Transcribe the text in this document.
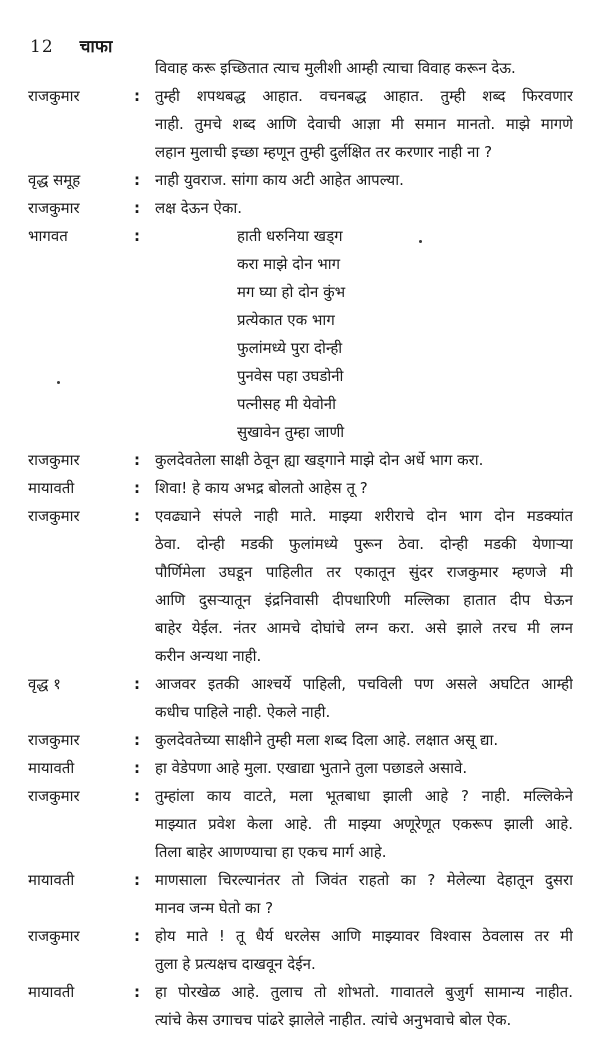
12 चाफा
विवाह करू इच्छितात त्याच मुलीशी आम्ही त्याचा विवाह करून देऊ.
राजकुमार	:	तुम्ही शपथबद्ध आहात. वचनबद्ध आहात. तुम्ही शब्द फिरवणार
नाही. तुमचे शब्द आणि देवाची आज्ञा मी समान मानतो. माझे मागणे
लहान मुलाची इच्छा म्हणून तुम्ही दुर्लक्षित तर करणार नाही ना ?
वृद्ध समूह	:	नाही युवराज. सांगा काय अटी आहेत आपल्या.
राजकुमार	:	लक्ष देऊन ऐका.
भागवत	:	हाती धरुनिया खड्ग
करा माझे दोन भाग
मग घ्या हो दोन कुंभ
प्रत्येकात एक भाग
फुलांमध्ये पुरा दोन्ही
पुनवेस पहा उघडोनी
पत्नीसह मी येवोनी
सुखावेन तुम्हा जाणी
राजकुमार	:	कुलदेवतेला साक्षी ठेवून ह्या खड्गाने माझे दोन अर्धे भाग करा.
मायावती	:	शिवा! हे काय अभद्र बोलतो आहेस तू ?
राजकुमार	:	एवढ्याने संपले नाही माते. माझ्या शरीराचे दोन भाग दोन मडक्यांत
ठेवा. दोन्ही मडकी फुलांमध्ये पुरून ठेवा. दोन्ही मडकी येणाऱ्या
पौर्णिमेला उघडून पाहिलीत तर एकातून सुंदर राजकुमार म्हणजे मी
आणि दुसऱ्यातून इंद्रनिवासी दीपधारिणी मल्लिका हातात दीप घेऊन
बाहेर येईल. नंतर आमचे दोघांचे लग्न करा. असे झाले तरच मी लग्न
करीन अन्यथा नाही.
वृद्ध १	:	आजवर इतकी आश्चर्ये पाहिली, पचविली पण असले अघटित आम्ही
कधीच पाहिले नाही. ऐकले नाही.
राजकुमार	:	कुलदेवतेच्या साक्षीने तुम्ही मला शब्द दिला आहे. लक्षात असू द्या.
मायावती	:	हा वेडेपणा आहे मुला. एखाद्या भुताने तुला पछाडले असावे.
राजकुमार	:	तुम्हांला काय वाटते, मला भूतबाधा झाली आहे ? नाही. मल्लिकेने
माझ्यात प्रवेश केला आहे. ती माझ्या अणूरेणूत एकरूप झाली आहे.
तिला बाहेर आणण्याचा हा एकच मार्ग आहे.
मायावती	:	माणसाला चिरल्यानंतर तो जिवंत राहतो का ? मेलेल्या देहातून दुसरा
मानव जन्म घेतो का ?
राजकुमार	:	होय माते ! तू धैर्य धरलेस आणि माझ्यावर विश्वास ठेवलास तर मी
तुला हे प्रत्यक्षच दाखवून देईन.
मायावती	:	हा पोरखेळ आहे. तुलाच तो शोभतो. गावातले बुजुर्ग सामान्य नाहीत.
त्यांचे केस उगाचच पांढरे झालेले नाहीत. त्यांचे अनुभवाचे बोल ऐक.
